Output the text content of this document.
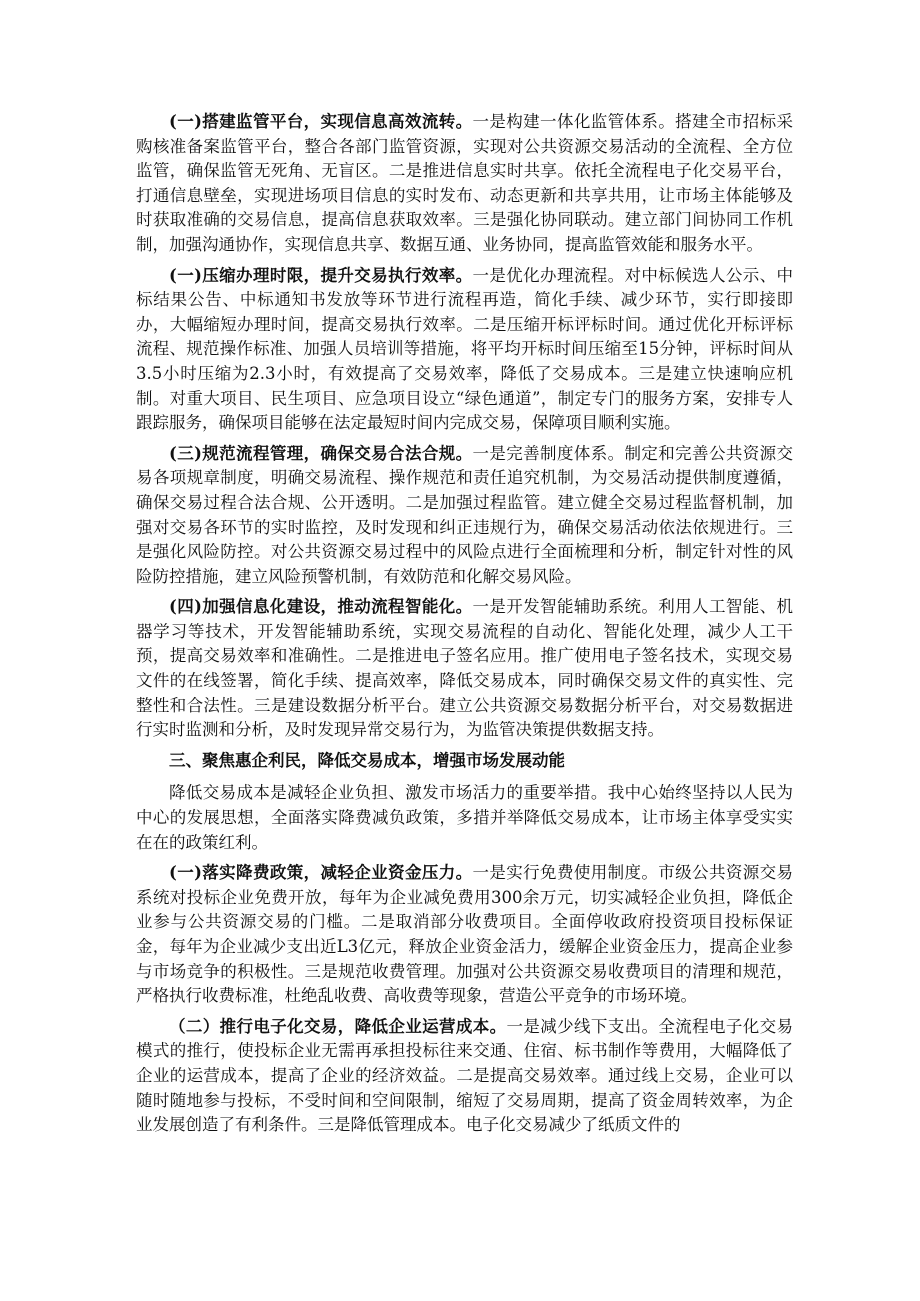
(一)搭建监管平台，实现信息高效流转。一是构建一体化监管体系。搭建全市招标采购核准备案监管平台，整合各部门监管资源，实现对公共资源交易活动的全流程、全方位监管，确保监管无死角、无盲区。二是推进信息实时共享。依托全流程电子化交易平台，打通信息壁垒，实现进场项目信息的实时发布、动态更新和共享共用，让市场主体能够及时获取准确的交易信息，提高信息获取效率。三是强化协同联动。建立部门间协同工作机制，加强沟通协作，实现信息共享、数据互通、业务协同，提高监管效能和服务水平。

(一)压缩办理时限，提升交易执行效率。一是优化办理流程。对中标候选人公示、中标结果公告、中标通知书发放等环节进行流程再造，简化手续、减少环节，实行即接即办，大幅缩短办理时间，提高交易执行效率。二是压缩开标评标时间。通过优化开标评标流程、规范操作标准、加强人员培训等措施，将平均开标时间压缩至15分钟，评标时间从3.5小时压缩为2.3小时，有效提高了交易效率，降低了交易成本。三是建立快速响应机制。对重大项目、民生项目、应急项目设立“绿色通道”，制定专门的服务方案，安排专人跟踪服务，确保项目能够在法定最短时间内完成交易，保障项目顺利实施。

(三)规范流程管理，确保交易合法合规。一是完善制度体系。制定和完善公共资源交易各项规章制度，明确交易流程、操作规范和责任追究机制，为交易活动提供制度遵循，确保交易过程合法合规、公开透明。二是加强过程监管。建立健全交易过程监督机制，加强对交易各环节的实时监控，及时发现和纠正违规行为，确保交易活动依法依规进行。三是强化风险防控。对公共资源交易过程中的风险点进行全面梳理和分析，制定针对性的风险防控措施，建立风险预警机制，有效防范和化解交易风险。

(四)加强信息化建设，推动流程智能化。一是开发智能辅助系统。利用人工智能、机器学习等技术，开发智能辅助系统，实现交易流程的自动化、智能化处理，减少人工干预，提高交易效率和准确性。二是推进电子签名应用。推广使用电子签名技术，实现交易文件的在线签署，简化手续、提高效率，降低交易成本，同时确保交易文件的真实性、完整性和合法性。三是建设数据分析平台。建立公共资源交易数据分析平台，对交易数据进行实时监测和分析，及时发现异常交易行为，为监管决策提供数据支持。

三、聚焦惠企利民，降低交易成本，增强市场发展动能

降低交易成本是减轻企业负担、激发市场活力的重要举措。我中心始终坚持以人民为中心的发展思想，全面落实降费减负政策，多措并举降低交易成本，让市场主体享受实实在在的政策红利。

(一)落实降费政策，减轻企业资金压力。一是实行免费使用制度。市级公共资源交易系统对投标企业免费开放，每年为企业减免费用300余万元，切实减轻企业负担，降低企业参与公共资源交易的门槛。二是取消部分收费项目。全面停收政府投资项目投标保证金，每年为企业减少支出近L3亿元，释放企业资金活力，缓解企业资金压力，提高企业参与市场竞争的积极性。三是规范收费管理。加强对公共资源交易收费项目的清理和规范，严格执行收费标准，杜绝乱收费、高收费等现象，营造公平竞争的市场环境。

（二）推行电子化交易，降低企业运营成本。一是减少线下支出。全流程电子化交易模式的推行，使投标企业无需再承担投标往来交通、住宿、标书制作等费用，大幅降低了企业的运营成本，提高了企业的经济效益。二是提高交易效率。通过线上交易，企业可以随时随地参与投标，不受时间和空间限制，缩短了交易周期，提高了资金周转效率，为企业发展创造了有利条件。三是降低管理成本。电子化交易减少了纸质文件的
